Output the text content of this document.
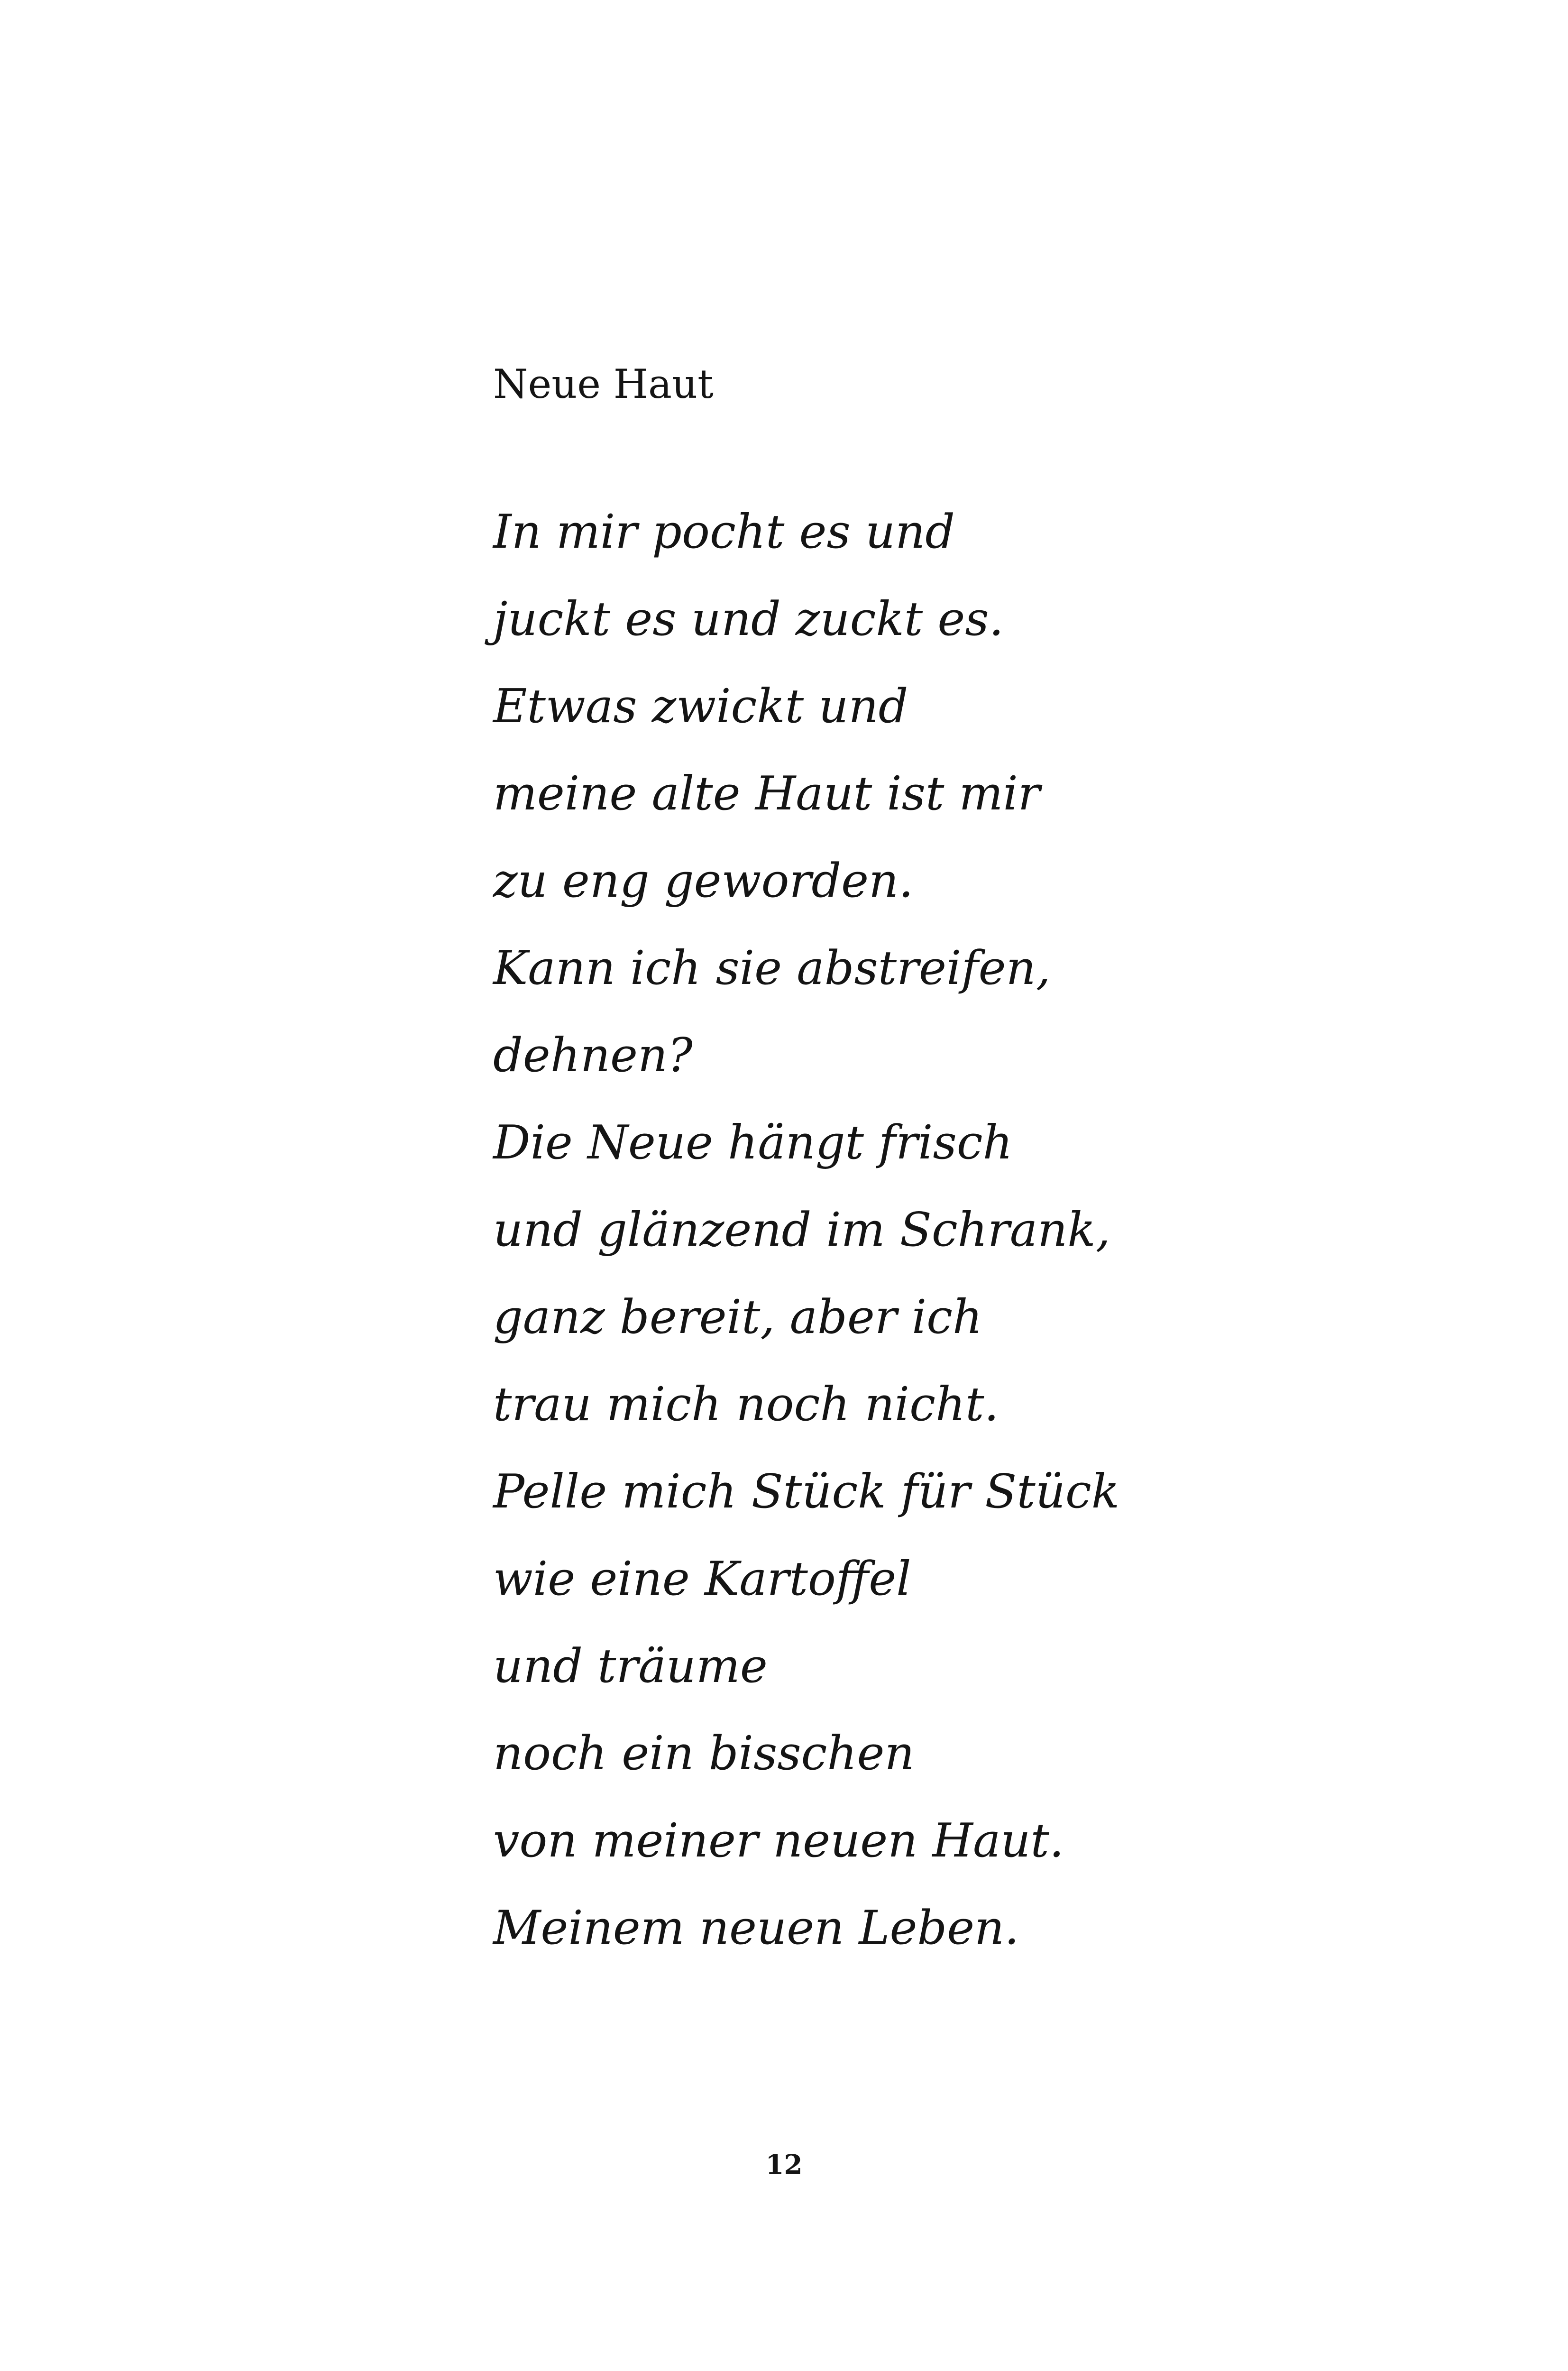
Neue Haut
In mir pocht es und
juckt es und zuckt es.
Etwas zwickt und
meine alte Haut ist mir
zu eng geworden.
Kann ich sie abstreifen,
dehnen?
Die Neue hängt frisch
und glänzend im Schrank,
ganz bereit, aber ich
trau mich noch nicht.
Pelle mich Stück für Stück
wie eine Kartoffel
und träume
noch ein bisschen
von meiner neuen Haut.
Meinem neuen Leben.
12
